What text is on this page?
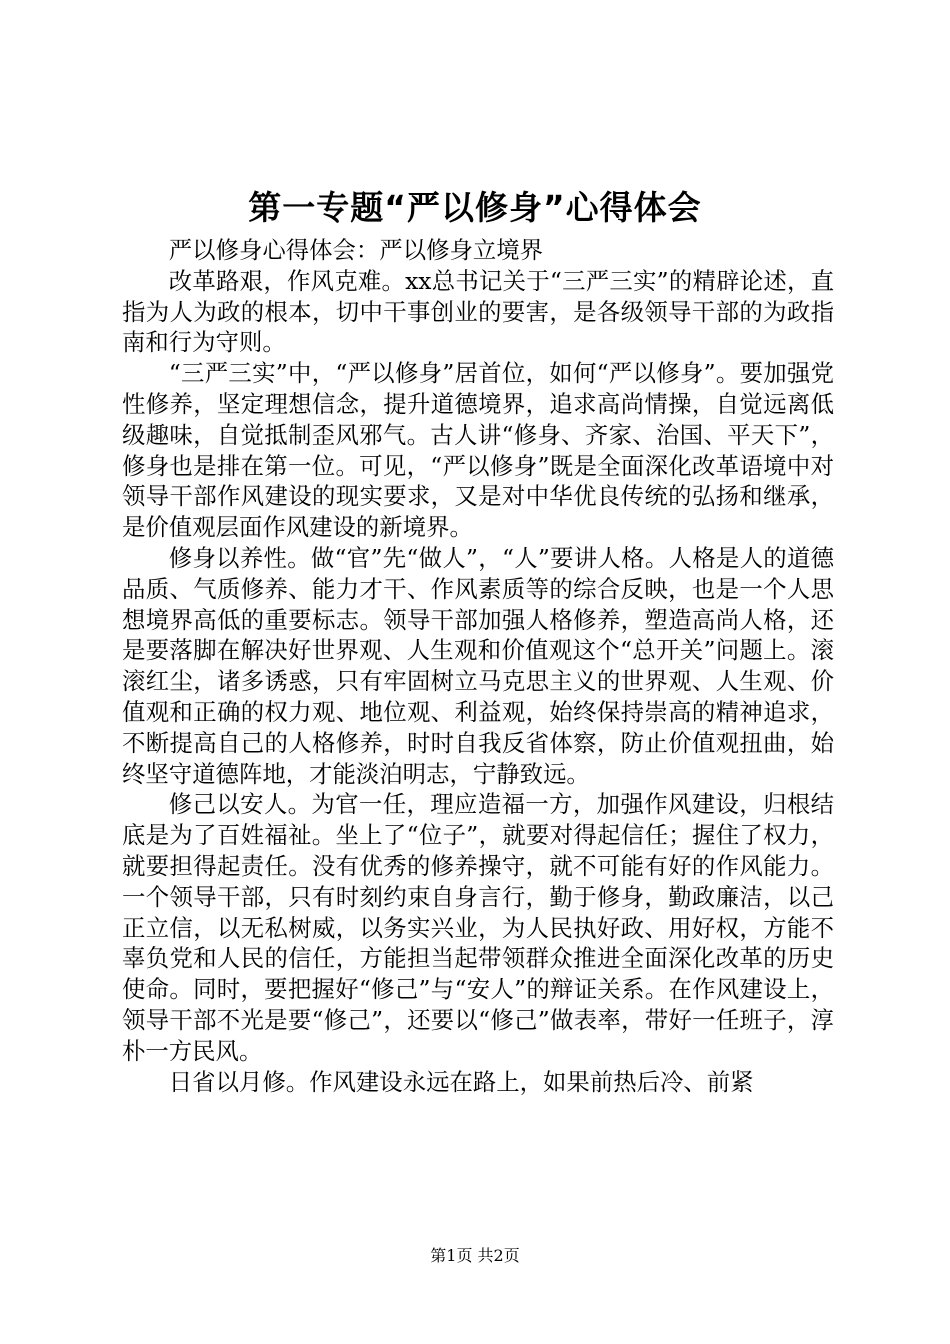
第一专题“严以修身”心得体会

严以修身心得体会：严以修身立境界

改革路艰，作风克难。xx总书记关于“三严三实”的精辟论述，直指为人为政的根本，切中干事创业的要害，是各级领导干部的为政指南和行为守则。

“三严三实”中，“严以修身”居首位，如何“严以修身”。要加强党性修养，坚定理想信念，提升道德境界，追求高尚情操，自觉远离低级趣味，自觉抵制歪风邪气。古人讲“修身、齐家、治国、平天下”，修身也是排在第一位。可见，“严以修身”既是全面深化改革语境中对领导干部作风建设的现实要求，又是对中华优良传统的弘扬和继承，是价值观层面作风建设的新境界。

修身以养性。做“官”先“做人”，“人”要讲人格。人格是人的道德品质、气质修养、能力才干、作风素质等的综合反映，也是一个人思想境界高低的重要标志。领导干部加强人格修养，塑造高尚人格，还是要落脚在解决好世界观、人生观和价值观这个“总开关”问题上。滚滚红尘，诸多诱惑，只有牢固树立马克思主义的世界观、人生观、价值观和正确的权力观、地位观、利益观，始终保持崇高的精神追求，不断提高自己的人格修养，时时自我反省体察，防止价值观扭曲，始终坚守道德阵地，才能淡泊明志，宁静致远。

修己以安人。为官一任，理应造福一方，加强作风建设，归根结底是为了百姓福祉。坐上了“位子”，就要对得起信任；握住了权力，就要担得起责任。没有优秀的修养操守，就不可能有好的作风能力。一个领导干部，只有时刻约束自身言行，勤于修身，勤政廉洁，以己正立信，以无私树威，以务实兴业，为人民执好政、用好权，方能不辜负党和人民的信任，方能担当起带领群众推进全面深化改革的历史使命。同时，要把握好“修己”与“安人”的辩证关系。在作风建设上，领导干部不光是要“修己”，还要以“修己”做表率，带好一任班子，淳朴一方民风。

日省以月修。作风建设永远在路上，如果前热后冷、前紧

第1页 共2页
